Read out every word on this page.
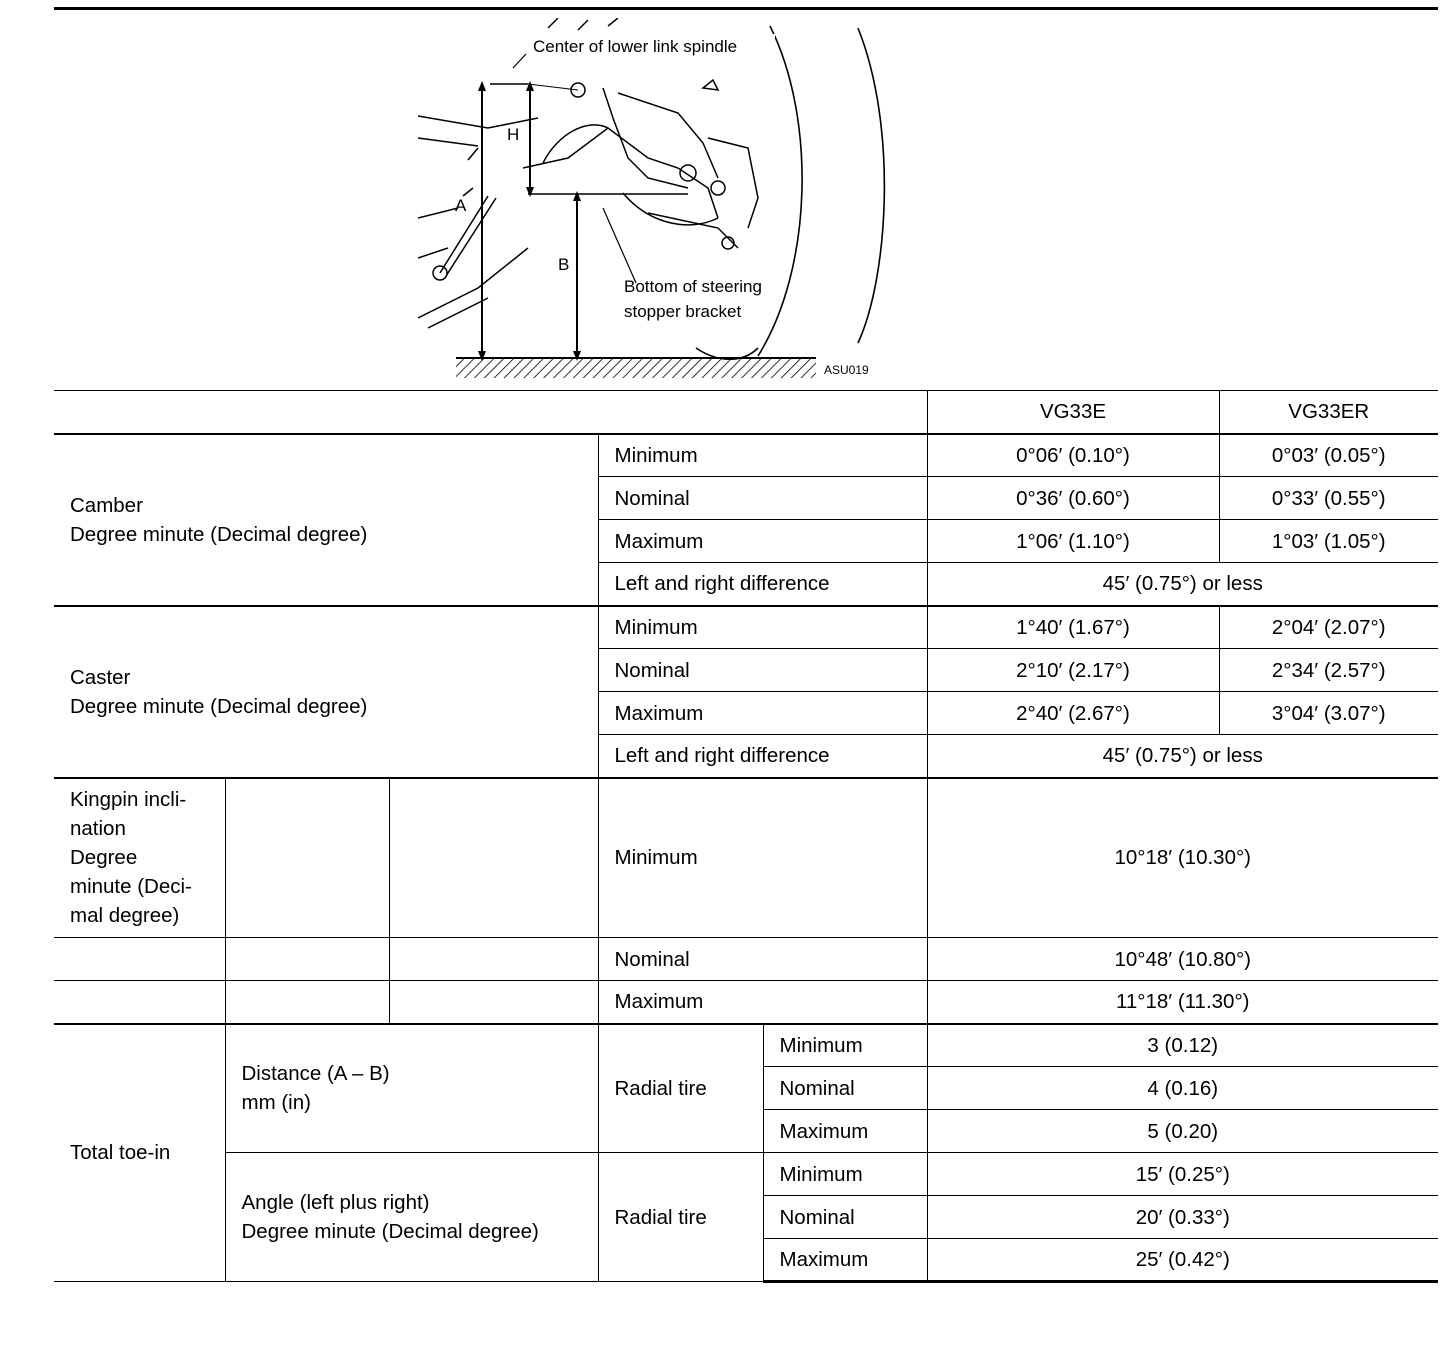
Center of lower link spindle
Bottom of steering
stopper bracket
A
B
H
ASU019
					VG33E	VG33ER

Camber
Degree minute (Decimal degree)			Minimum		0°06′ (0.10°)	0°03′ (0.05°)
			Nominal		0°36′ (0.60°)	0°33′ (0.55°)
			Maximum		1°06′ (1.10°)	1°03′ (1.05°)
			Left and right difference		45′ (0.75°) or less	

Caster
Degree minute (Decimal degree)			Minimum		1°40′ (1.67°)	2°04′ (2.07°)
			Nominal		2°10′ (2.17°)	2°34′ (2.57°)
			Maximum		2°40′ (2.67°)	3°04′ (3.07°)
			Left and right difference		45′ (0.75°) or less	

Kingpin incli-
nation
Degree
minute (Deci-
mal degree)			Minimum		10°18′ (10.30°)	
			Nominal		10°48′ (10.80°)	
			Maximum		11°18′ (11.30°)	
Total toe-in	Distance (A – B)
mm (in)		Radial tire	Minimum	3 (0.12)	
				Nominal	4 (0.16)	
				Maximum	5 (0.20)	

	Angle (left plus right)
Degree minute (Decimal degree)		Radial tire	Minimum	15′ (0.25°)	
				Nominal	20′ (0.33°)	
				Maximum	25′ (0.42°)	
